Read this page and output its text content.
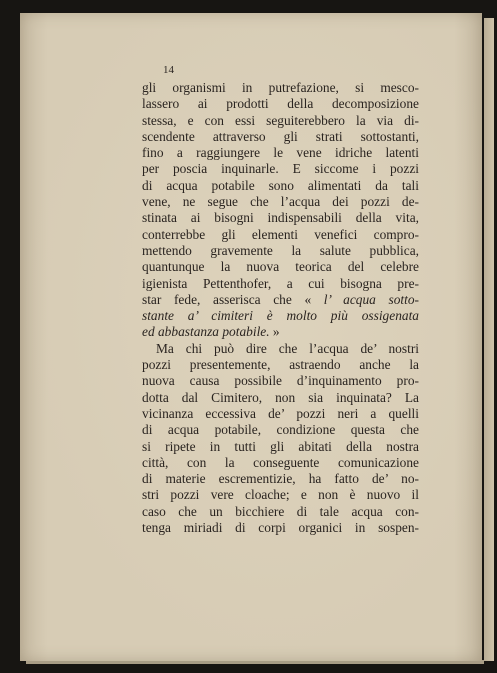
14
gli organismi in putrefazione, si mesco-
lassero ai prodotti della decomposizione
stessa, e con essi seguiterebbero la via di-
scendente attraverso gli strati sottostanti,
fino a raggiungere le vene idriche latenti
per poscia inquinarle. E siccome i pozzi
di acqua potabile sono alimentati da tali
vene, ne segue che l’acqua dei pozzi de-
stinata ai bisogni indispensabili della vita,
conterrebbe gli elementi venefici compro-
mettendo gravemente la salute pubblica,
quantunque la nuova teorica del celebre
igienista Pettenthofer, a cui bisogna pre-
star fede, asserisca che « l’ acqua sotto-
stante a’ cimiteri è molto più ossigenata
ed abbastanza potabile. »
Ma chi può dire che l’acqua de’ nostri
pozzi presentemente, astraendo anche la
nuova causa possibile d’inquinamento pro-
dotta dal Cimitero, non sia inquinata? La
vicinanza eccessiva de’ pozzi neri a quelli
di acqua potabile, condizione questa che
si ripete in tutti gli abitati della nostra
città, con la conseguente comunicazione
di materie escrementizie, ha fatto de’ no-
stri pozzi vere cloache; e non è nuovo il
caso che un bicchiere di tale acqua con-
tenga miriadi di corpi organici in sospen-
